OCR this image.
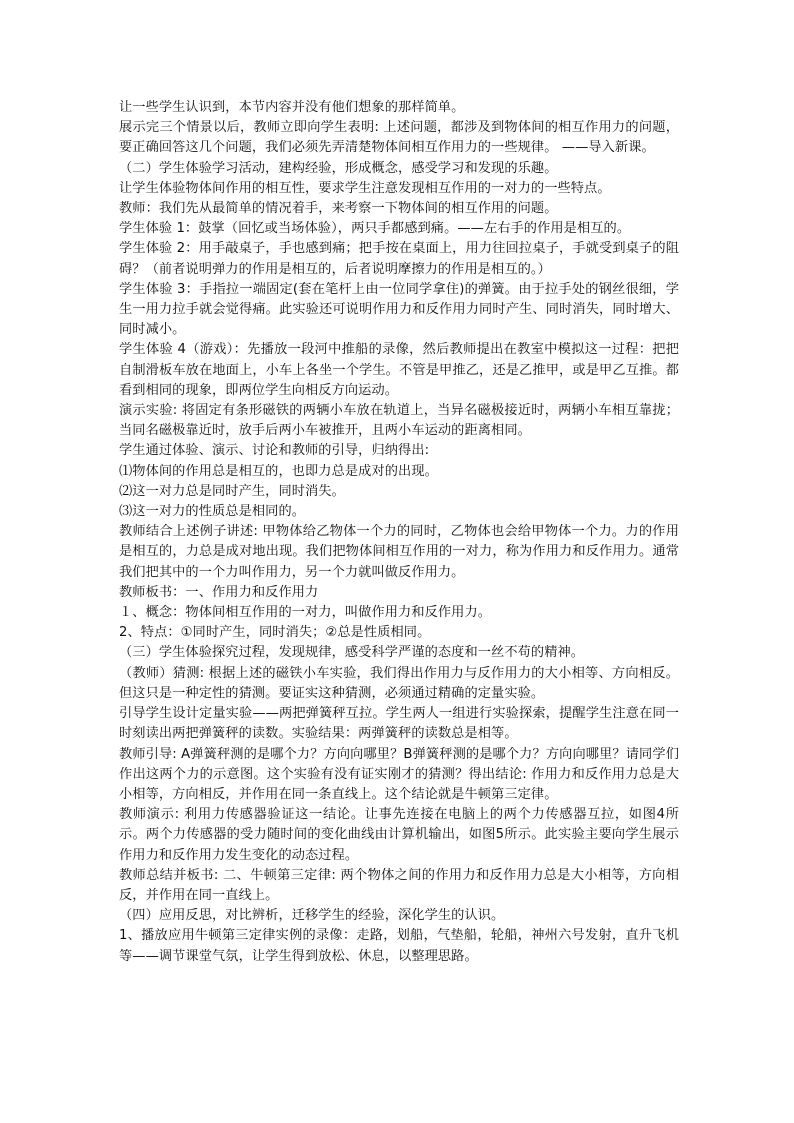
让一些学生认识到，本节内容并没有他们想象的那样简单。

展示完三个情景以后，教师立即向学生表明: 上述问题，都涉及到物体间的相互作用力的问题，要正确回答这几个问题，我们必须先弄清楚物体间相互作用力的一些规律。 ——导入新课。

（二）学生体验学习活动，建构经验，形成概念，感受学习和发现的乐趣。

让学生体验物体间作用的相互性，要求学生注意发现相互作用的一对力的一些特点。

教师：我们先从最简单的情况着手，来考察一下物体间的相互作用的问题。

学生体验 1：鼓掌（回忆或当场体验），两只手都感到痛。——左右手的作用是相互的。

学生体验 2：用手敲桌子，手也感到痛；把手按在桌面上，用力往回拉桌子，手就受到桌子的阻碍？（前者说明弹力的作用是相互的，后者说明摩擦力的作用是相互的。）

学生体验 3：手指拉一端固定(套在笔杆上由一位同学拿住)的弹簧。由于拉手处的钢丝很细，学生一用力拉手就会觉得痛。此实验还可说明作用力和反作用力同时产生、同时消失，同时增大、同时减小。

学生体验 4（游戏）：先播放一段河中推船的录像，然后教师提出在教室中模拟这一过程：把把自制滑板车放在地面上，小车上各坐一个学生。不管是甲推乙，还是乙推甲，或是甲乙互推。都看到相同的现象，即两位学生向相反方向运动。

演示实验: 将固定有条形磁铁的两辆小车放在轨道上，当异名磁极接近时，两辆小车相互靠拢；当同名磁极靠近时，放手后两小车被推开，且两小车运动的距离相同。

学生通过体验、演示、讨论和教师的引导，归纳得出:

⑴物体间的作用总是相互的，也即力总是成对的出现。

⑵这一对力总是同时产生，同时消失。

⑶这一对力的性质总是相同的。

教师结合上述例子讲述: 甲物体给乙物体一个力的同时，乙物体也会给甲物体一个力。力的作用是相互的，力总是成对地出现。我们把物体间相互作用的一对力，称为作用力和反作用力。通常我们把其中的一个力叫作用力，另一个力就叫做反作用力。

教师板书：一、作用力和反作用力

１、概念：物体间相互作用的一对力，叫做作用力和反作用力。

2、特点：①同时产生，同时消失；②总是性质相同。

（三）学生体验探究过程，发现规律，感受科学严谨的态度和一丝不苟的精神。

（教师）猜测: 根据上述的磁铁小车实验，我们得出作用力与反作用力的大小相等、方向相反。但这只是一种定性的猜测。要证实这种猜测，必须通过精确的定量实验。

引导学生设计定量实验——两把弹簧秤互拉。学生两人一组进行实验探索，提醒学生注意在同一时刻读出两把弹簧秤的读数。实验结果：两弹簧秤的读数总是相等。

教师引导: A弹簧秤测的是哪个力？方向向哪里？B弹簧秤测的是哪个力？方向向哪里？请同学们作出这两个力的示意图。这个实验有没有证实刚才的猜测？得出结论: 作用力和反作用力总是大小相等，方向相反，并作用在同一条直线上。这个结论就是牛顿第三定律。

教师演示: 利用力传感器验证这一结论。让事先连接在电脑上的两个力传感器互拉，如图4所示。两个力传感器的受力随时间的变化曲线由计算机输出，如图5所示。此实验主要向学生展示作用力和反作用力发生变化的动态过程。

教师总结并板书: 二、牛顿第三定律: 两个物体之间的作用力和反作用力总是大小相等，方向相反，并作用在同一直线上。

（四）应用反思，对比辨析，迁移学生的经验，深化学生的认识。

1、播放应用牛顿第三定律实例的录像：走路，划船，气垫船，轮船，神州六号发射，直升飞机等——调节课堂气氛，让学生得到放松、休息，以整理思路。
